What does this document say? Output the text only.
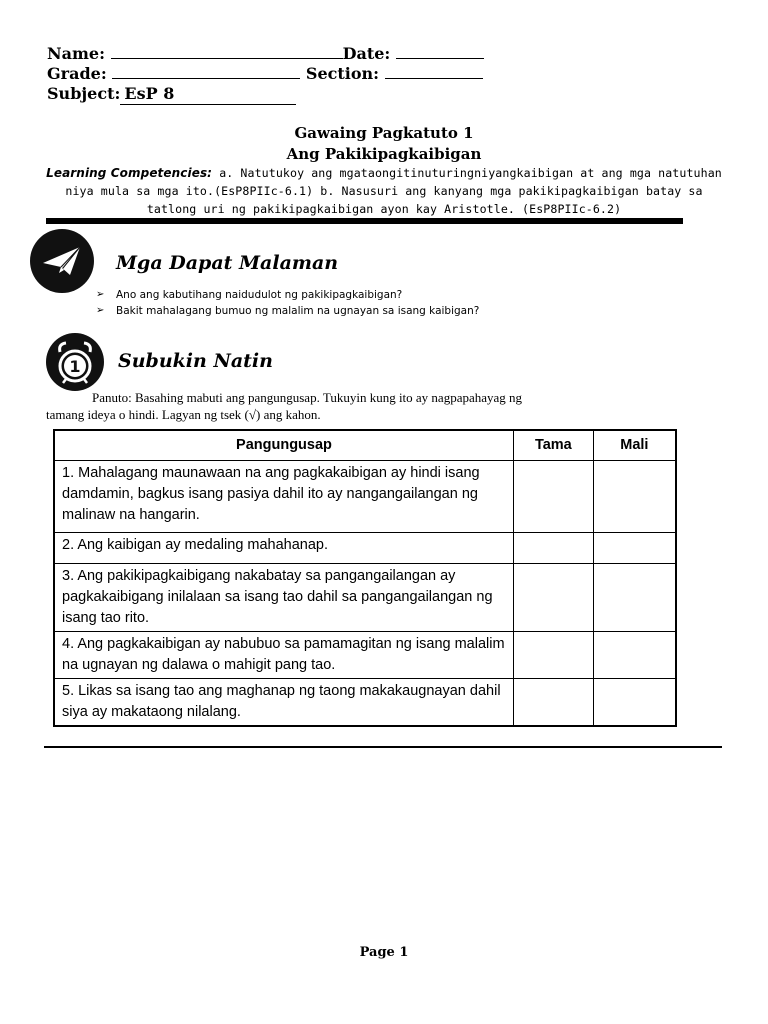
Name:	Date:
Grade:	Section:
Subject: EsP 8
Gawaing Pagkatuto 1
Ang Pakikipagkaibigan
Learning Competencies: a. Natutukoy ang mgataongitinuturingniyangkaibigan at ang mga natutuhan niya mula sa mga ito.(EsP8PIIc-6.1) b. Nasusuri ang kanyang mga pakikipagkaibigan batay sa tatlong uri ng pakikipagkaibigan ayon kay Aristotle. (EsP8PIIc-6.2)
Mga Dapat Malaman
➢ Ano ang kabutihang naidudulot ng pakikipagkaibigan?
➢ Bakit mahalagang bumuo ng malalim na ugnayan sa isang kaibigan?
1 Subukin Natin
Panuto: Basahing mabuti ang pangungusap. Tukuyin kung ito ay nagpapahayag ng
tamang ideya o hindi. Lagyan ng tsek (√) ang kahon.
Pangungusap	Tama	Mali
1. Mahalagang maunawaan na ang pagkakaibigan ay hindi isang damdamin, bagkus isang pasiya dahil ito ay nangangailangan ng malinaw na hangarin.		
2. Ang kaibigan ay medaling mahahanap.		
3. Ang pakikipagkaibigang nakabatay sa pangangailangan ay pagkakaibigang inilalaan sa isang tao dahil sa pangangailangan ng isang tao rito.		
4. Ang pagkakaibigan ay nabubuo sa pamamagitan ng isang malalim na ugnayan ng dalawa o mahigit pang tao.		
5. Likas sa isang tao ang maghanap ng taong makakaugnayan dahil siya ay makataong nilalang.		
Page 1
